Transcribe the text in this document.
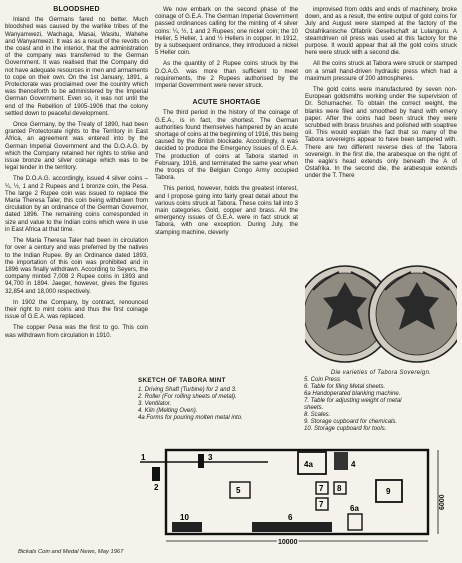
BLOODSHED

Inland the Germans fared no better. Much bloodshed was caused by the warlike tribes of the Wanyamwezi, Wachaga, Masai, Wasitu, Wahehe and Wanyamwezi. It was as a result of the revolts on the coast and in the interior, that the administration of the company was transferred to the German Government. It was realised that the Company did not have adequate resources in men and armaments to cope on their own. On the 1st January, 1891, a Protectorate was proclaimed over the country which was thenceforth to be administered by the Imperial German Government. Even so, it was not until the end of the Rebellion of 1905-1906 that the colony settled down to peaceful development.

Once Germany, by the Treaty of 1890, had been granted Protectorate rights to the Territory in East Africa, an agreement was entered into by the German Imperial Government and the D.O.A.G. by which the Company retained her rights to strike and issue bronze and silver coinage which was to be legal tender in the territory.

The D.O.A.G. accordingly, issued 4 silver coins – ¼, ½, 1 and 2 Rupees and 1 bronze coin, the Pesa. The large 2 Rupee coin was issued to replace the Maria Theresa Taler, this coin being withdrawn from circulation by an ordinance of the German Governor, dated 1896. The remaining coins corresponded in size and value to the Indian coins which were in use in East Africa at that time.

The Maria Theresa Taler had been in circulation for over a century and was preferred by the natives to the Indian Rupee. By an Ordinance dated 1893, the importation of this coin was prohibited and in 1896 was finally withdrawn. According to Seyers, the company minted 7,008 2 Rupee coins in 1893 and 94,700 in 1894. Jaeger, however, gives the figures 32,854 and 18,000 respectively.

In 1902 the Company, by contract, renounced their right to mint coins and thus the first coinage issue of G.E.A. was replaced.

The copper Pesa was the first to go. This coin was withdrawn from circulation in 1910.

We now embark on the second phase of the coinage of G.E.A. The German Imperial Government passed ordinances calling for the minting of 4 silver coins: ¼, ½, 1 and 2 Rupees; one nickel coin; the 10 Heller, 5 Heller, 1 and ½ Hellers in copper. In 1912, by a subsequent ordinance, they introduced a nickel 5 Heller coin.

As the quantity of 2 Rupee coins struck by the D.O.A.G. was more than sufficient to meet requirements, the 2 Rupees authorised by the Imperial Government were never struck.

ACUTE SHORTAGE

The third period in the history of the coinage of G.E.A., is in fact, the shortest. The German authorities found themselves hampered by an acute shortage of coins at the beginning of 1916, this being caused by the British blockade. Accordingly, it was decided to produce the Emergency Issues of G.E.A. The production of coins at Tabora started in February, 1916, and terminated the same year when the troops of the Belgian Congo Army occupied Tabora.

This period, however, holds the greatest interest, and I propose going into fairly great detail about the various coins struck at Tabora. These coins fall into 3 main categories. Gold, copper and brass. All the emergency issues of G.E.A. were in fact struck at Tabora, with one exception. During July, the stamping machine, cleverly

improvised from odds and ends of machinery, broke down, and as a result, the entire output of gold coins for July and August were stamped at the factory of the Ostafrikanische Olfabrik Gesellschaft at Lulanguru. A steamdriven oil press was used at this factory for the purpose. It would appear that all the gold coins struck here were struck with a second die.

All the coins struck at Tabora were struck or stamped on a small hand-driven hydraulic press which had a maximum pressure of 200 atmospheres.

The gold coins were manufactured by seven non-European goldsmiths working under the supervision of Dr. Schumacher. To obtain the correct weight, the blanks were filed and smoothed by hand with emery paper. After the coins had been struck they were scrubbed with brass brushes and polished with soaptree oil. This would explain the fact that so many of the Tabora sovereigns appear to have been tampered with. There are two different reverse dies of the Tabora sovereign. In the first die, the arabesque on the right of the eagle's head extends only beneath the A of Ostafrika. In the second die, the arabesque extends under the T. There

Die varieties of Tabora Sovereign.
SKETCH OF TABORA MINT
1. Driving Shaft (Turbine) for 2 and 3.
2. Roller (For rolling sheets of metal).
3. Ventilator.
4. Kiln (Melting Oven).
4a Forms for pouring molten metal into.
5. Coin Press
6. Table for filing Metal sheets.
6a Handoperated blanking machine.
7. Table for adjusting weight of metal
sheets.
8. Scales.
9. Storage cupboard for chemicals.
10. Storage cupboard for tools.
1
2
3
4a	4
5	7 8
7
9
6a
6
10
10000
6000
Bickals Coin and Medal News, May 1967
